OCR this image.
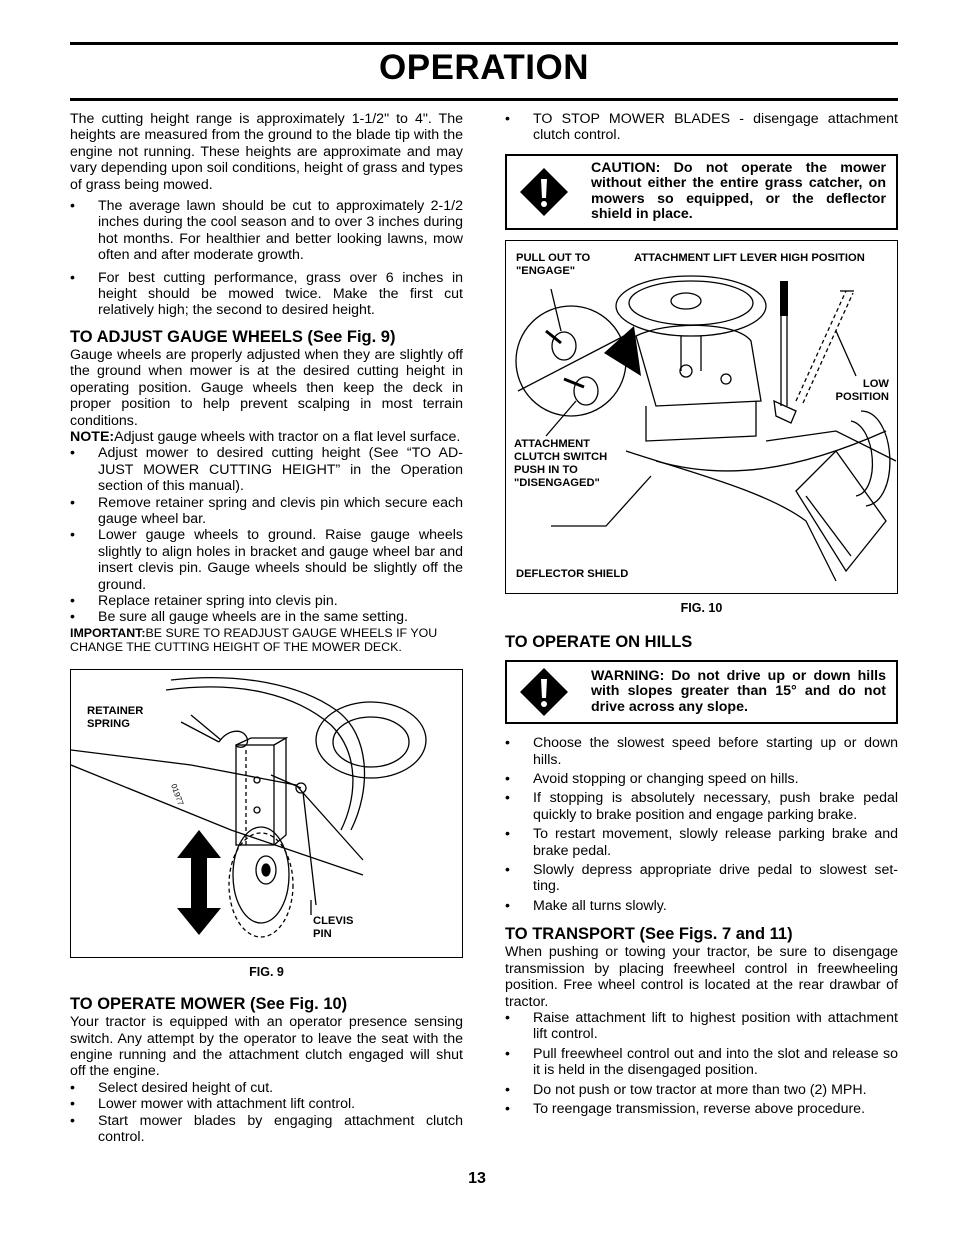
OPERATION

The cutting height range is approximately 1-1/2" to 4". The heights are measured from the ground to the blade tip with the engine not running. These heights are approximate and may vary depending upon soil conditions, height of grass and types of grass being mowed.

• The average lawn should be cut to approximately 2-1/2 inches during the cool season and to over 3 inches during hot months. For healthier and better looking lawns, mow often and after moderate growth.
• For best cutting performance, grass over 6 inches in height should be mowed twice. Make the first cut relatively high; the second to desired height.
TO ADJUST GAUGE WHEELS (See Fig. 9)

Gauge wheels are properly adjusted when they are slightly off the ground when mower is at the desired cutting height in operating position. Gauge wheels then keep the deck in proper position to help prevent scalping in most terrain conditions.

NOTE:Adjust gauge wheels with tractor on a flat level surface.

• Adjust mower to desired cutting height (See “TO AD-JUST MOWER CUTTING HEIGHT” in the Operation section of this manual).
• Remove retainer spring and clevis pin which secure each gauge wheel bar.
• Lower gauge wheels to ground. Raise gauge wheels slightly to align holes in bracket and gauge wheel bar and insert clevis pin. Gauge wheels should be slightly off the ground.
• Replace retainer spring into clevis pin.
• Be sure all gauge wheels are in the same setting.

IMPORTANT:BE SURE TO READJUST GAUGE WHEELS IF YOU CHANGE THE CUTTING HEIGHT OF THE MOWER DECK.

01977
RETAINER SPRING
CLEVIS PIN
FIG. 9
TO OPERATE MOWER (See Fig. 10)

Your tractor is equipped with an operator presence sensing switch. Any attempt by the operator to leave the seat with the engine running and the attachment clutch engaged will shut off the engine.

• Select desired height of cut.
• Lower mower with attachment lift control.
• Start mower blades by engaging attachment clutch control.
• TO STOP MOWER BLADES - disengage attachment clutch control.
CAUTION: Do not operate the mower without either the entire grass catcher, on mowers so equipped, or the deflector shield in place.
PULL OUT TO "ENGAGE"
ATTACHMENT LIFT LEVER HIGH POSITION
LOW POSITION
ATTACHMENT CLUTCH SWITCH PUSH IN TO "DISENGAGED"
DEFLECTOR SHIELD
FIG. 10
TO OPERATE ON HILLS
WARNING: Do not drive up or down hills with slopes greater than 15° and do not drive across any slope.
• Choose the slowest speed before starting up or down hills.
• Avoid stopping or changing speed on hills.
• If stopping is absolutely necessary, push brake pedal quickly to brake position and engage parking brake.
• To restart movement, slowly release parking brake and brake pedal.
• Slowly depress appropriate drive pedal to slowest set-ting.
• Make all turns slowly.
TO TRANSPORT (See Figs. 7 and 11)

When pushing or towing your tractor, be sure to disengage transmission by placing freewheel control in freewheeling position. Free wheel control is located at the rear drawbar of tractor.

• Raise attachment lift to highest position with attachment lift control.
• Pull freewheel control out and into the slot and release so it is held in the disengaged position.
• Do not push or tow tractor at more than two (2) MPH.
• To reengage transmission, reverse above procedure.
13
